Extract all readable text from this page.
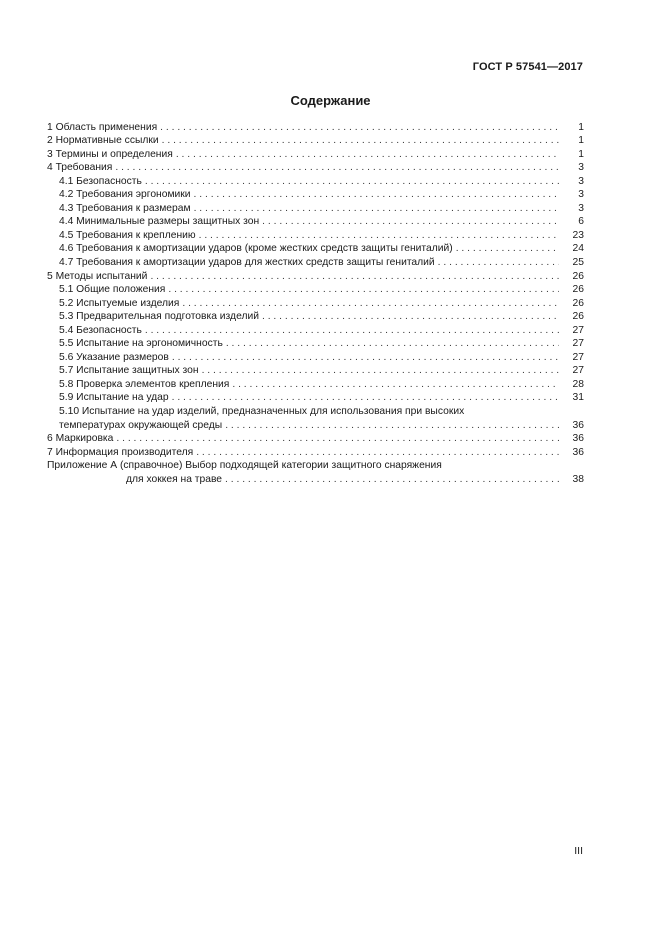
ГОСТ Р 57541—2017
Содержание
1 Область применения . . .	1
2 Нормативные ссылки . . .	1
3 Термины и определения . . .	1
4 Требования . . .	3
4.1 Безопасность . . .	3
4.2 Требования эргономики . . .	3
4.3 Требования к размерам . . .	3
4.4 Минимальные размеры защитных зон . . .	6
4.5 Требования к креплению . . .	23
4.6 Требования к амортизации ударов (кроме жестких средств защиты гениталий) . . .	24
4.7 Требования к амортизации ударов для жестких средств защиты гениталий . . .	25
5 Методы испытаний . . .	26
5.1 Общие положения . . .	26
5.2 Испытуемые изделия . . .	26
5.3 Предварительная подготовка изделий . . .	26
5.4 Безопасность . . .	27
5.5 Испытание на эргономичность . . .	27
5.6 Указание размеров . . .	27
5.7 Испытание защитных зон . . .	27
5.8 Проверка элементов крепления . . .	28
5.9 Испытание на удар . . .	31
5.10 Испытание на удар изделий, предназначенных для использования при высоких
температурах окружающей среды . . .	36
6 Маркировка . . .	36
7 Информация производителя . . .	36
Приложение А (справочное) Выбор подходящей категории защитного снаряжения
для хоккея на траве . . .	38
III
